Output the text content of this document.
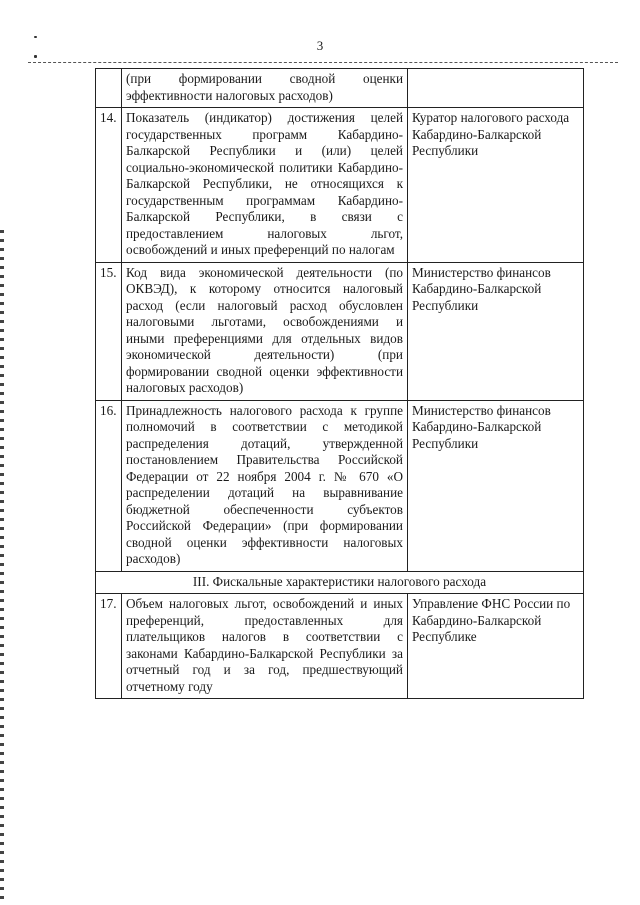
3
	(при формировании сводной оценки эффективности налоговых расходов)	
14.	Показатель (индикатор) достижения целей государственных программ Кабардино-Балкарской Республики и (или) целей социально-экономической политики Кабардино-Балкарской Республики, не относящихся к государственным программам Кабардино-Балкарской Республики, в связи с предоставлением налоговых льгот, освобождений и иных преференций по налогам	Куратор налогового расхода Кабардино-Балкарской Республики
15.	Код вида экономической деятельности (по ОКВЭД), к которому относится налоговый расход (если налоговый расход обусловлен налоговыми льготами, освобождениями и иными преференциями для отдельных видов экономической деятельности) (при формировании сводной оценки эффективности налоговых расходов)	Министерство финансов Кабардино-Балкарской Республики
16.	Принадлежность налогового расхода к группе полномочий в соответствии с методикой распределения дотаций, утвержденной постановлением Правительства Российской Федерации от 22 ноября 2004 г. № 670 «О распределении дотаций на выравнивание бюджетной обеспеченности субъектов Российской Федерации» (при формировании сводной оценки эффективности налоговых расходов)	Министерство финансов Кабардино-Балкарской Республики
III. Фискальные характеристики налогового расхода		
17.	Объем налоговых льгот, освобождений и иных преференций, предоставленных для плательщиков налогов в соответствии с законами Кабардино-Балкарской Республики за отчетный год и за год, предшествующий отчетному году	Управление ФНС России по Кабардино-Балкарской Республике
